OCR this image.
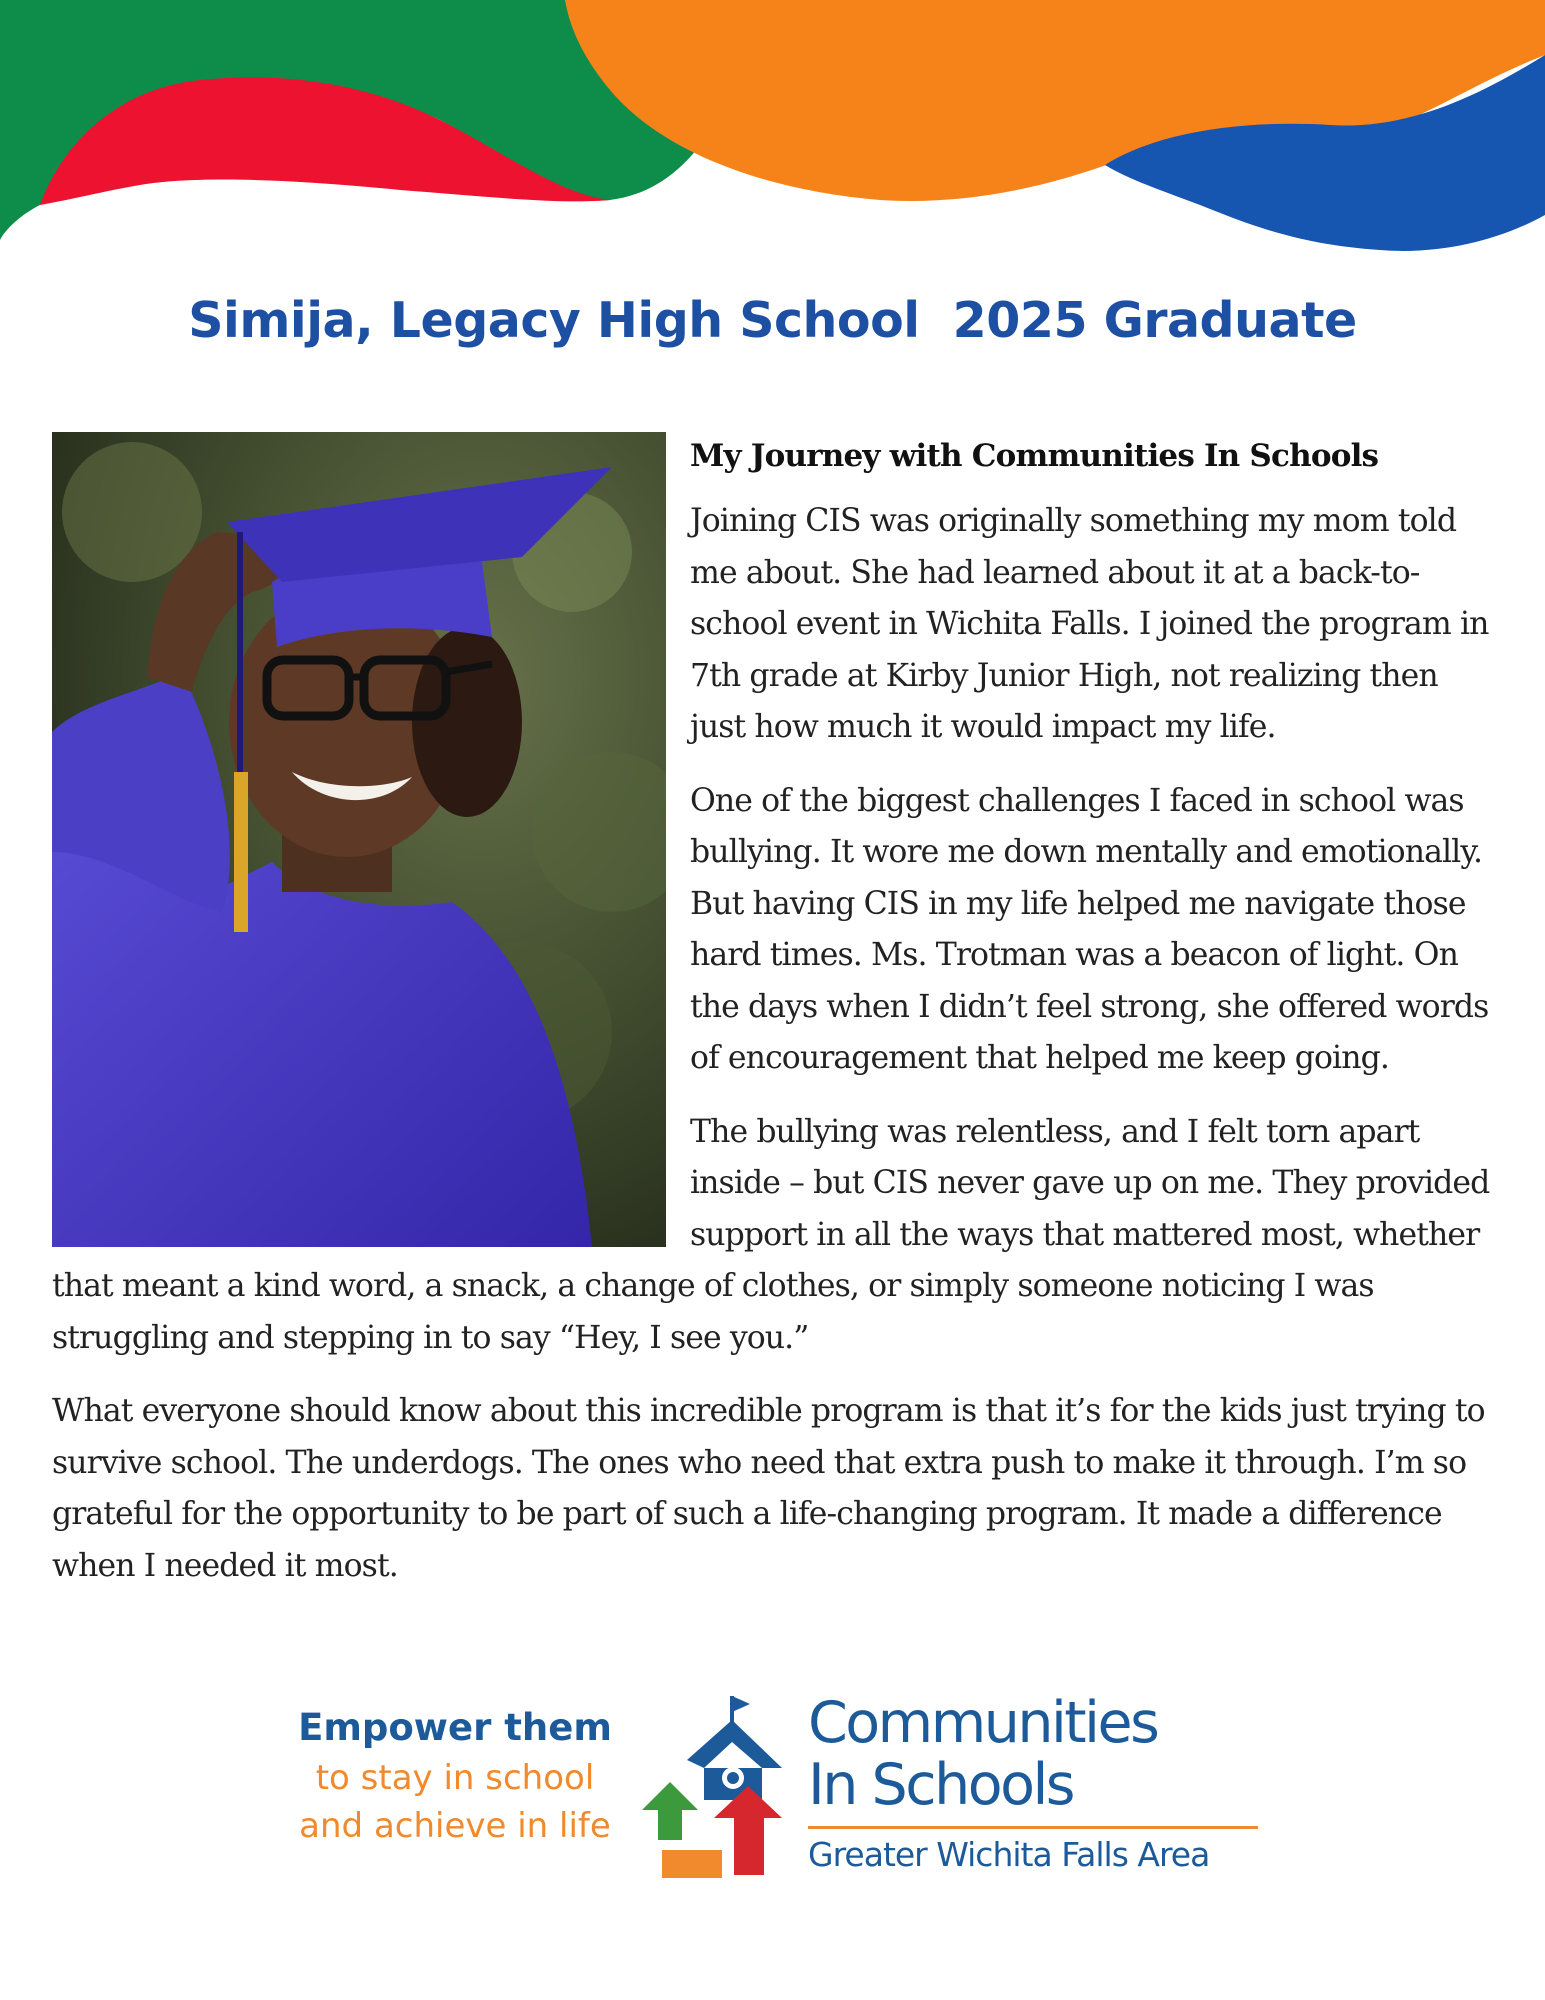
Simija, Legacy High School  2025 Graduate
My Journey with Communities In Schools

Joining CIS was originally something my mom told me about. She had learned about it at a back-to-school event in Wichita Falls. I joined the program in 7th grade at Kirby Junior High, not realizing then just how much it would impact my life.

One of the biggest challenges I faced in school was bullying. It wore me down mentally and emotionally. But having CIS in my life helped me navigate those hard times. Ms. Trotman was a beacon of light. On the days when I didn’t feel strong, she offered words of encouragement that helped me keep going.

The bullying was relentless, and I felt torn apart inside – but CIS never gave up on me. They provided support in all the ways that mattered most, whether that meant a kind word, a snack, a change of clothes, or simply someone noticing I was struggling and stepping in to say “Hey, I see you.”

What everyone should know about this incredible program is that it’s for the kids just trying to survive school. The underdogs. The ones who need that extra push to make it through. I’m so grateful for the opportunity to be part of such a life-changing program. It made a difference when I needed it most.

Empower them
to stay in school
and achieve in life
Communities
In Schools
Greater Wichita Falls Area
